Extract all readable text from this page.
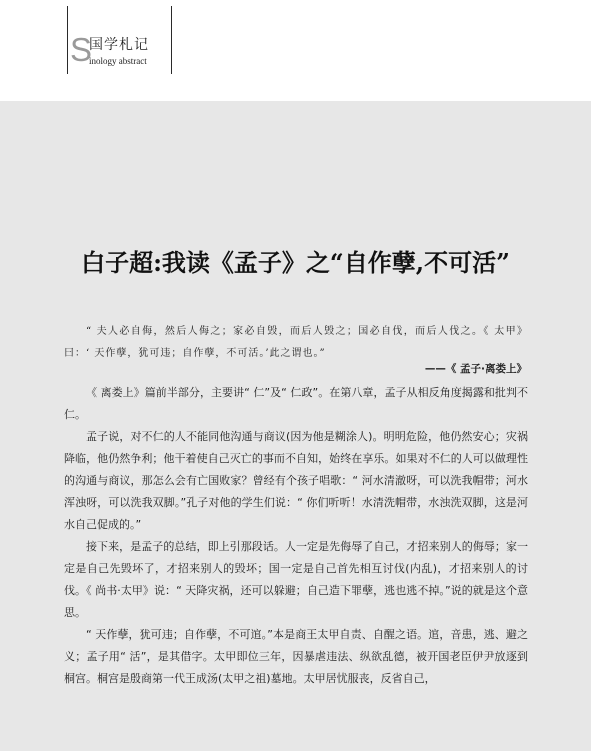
S
国学札记
inology abstract
白子超:我读《孟子》之“自作孽,不可活”

“ 夫人必自侮，然后人侮之；家必自毁，而后人毁之；国必自伐，而后人伐之。《 太甲》曰：‘ 天作孽，犹可违；自作孽，不可活。’此之谓也。”

——《 孟子·离娄上》

《 离娄上》篇前半部分，主要讲“ 仁”及“ 仁政”。在第八章，孟子从相反角度揭露和批判不仁。

孟子说，对不仁的人不能同他沟通与商议(因为他是糊涂人)。明明危险，他仍然安心；灾祸降临，他仍然争利；他干着使自己灭亡的事而不自知，始终在享乐。如果对不仁的人可以做理性的沟通与商议，那怎么会有亡国败家？曾经有个孩子唱歌：“ 河水清澈呀，可以洗我帽带；河水浑浊呀，可以洗我双脚。”孔子对他的学生们说：“ 你们听听！水清洗帽带，水浊洗双脚，这是河水自己促成的。”

接下来，是孟子的总结，即上引那段话。人一定是先侮辱了自己，才招来别人的侮辱；家一定是自己先毁坏了，才招来别人的毁坏；国一定是自己首先相互讨伐(内乱)，才招来别人的讨伐。《 尚书·太甲》说：“ 天降灾祸，还可以躲避；自己造下罪孽，逃也逃不掉。”说的就是这个意思。

“ 天作孽，犹可违；自作孽，不可逭。”本是商王太甲自责、自醒之语。逭，音患，逃、避之义；孟子用“ 活”，是其借字。太甲即位三年，因暴虐违法、纵欲乱德，被开国老臣伊尹放逐到桐宫。桐宫是殷商第一代王成汤(太甲之祖)墓地。太甲居忧服丧，反省自己，
